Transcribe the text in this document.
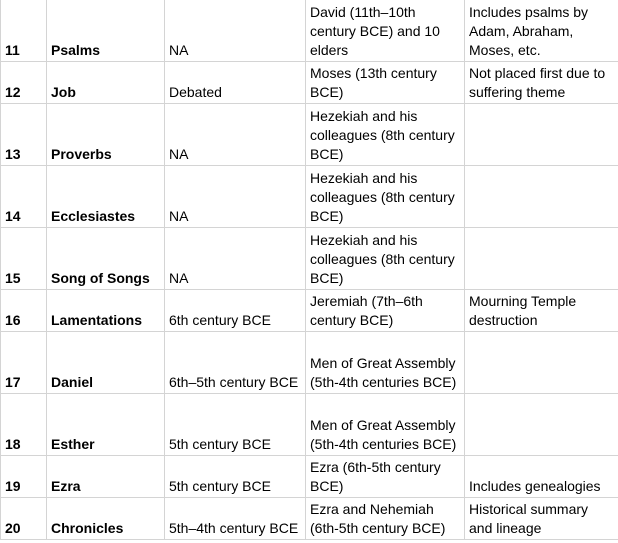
11	Psalms	NA	David (11th–10th century BCE) and 10 elders	Includes psalms by Adam, Abraham, Moses, etc.
12	Job	Debated	Moses (13th century BCE)	Not placed first due to suffering theme
13	Proverbs	NA	Hezekiah and his colleagues (8th century BCE)	
14	Ecclesiastes	NA	Hezekiah and his colleagues (8th century BCE)	
15	Song of Songs	NA	Hezekiah and his colleagues (8th century BCE)	
16	Lamentations	6th century BCE	Jeremiah (7th–6th century BCE)	Mourning Temple destruction
17	Daniel	6th–5th century BCE	Men of Great Assembly (5th-4th centuries BCE)	
18	Esther	5th century BCE	Men of Great Assembly (5th-4th centuries BCE)	
19	Ezra	5th century BCE	Ezra (6th-5th century BCE)	Includes genealogies
20	Chronicles	5th–4th century BCE	Ezra and Nehemiah (6th-5th century BCE)	Historical summary and lineage
